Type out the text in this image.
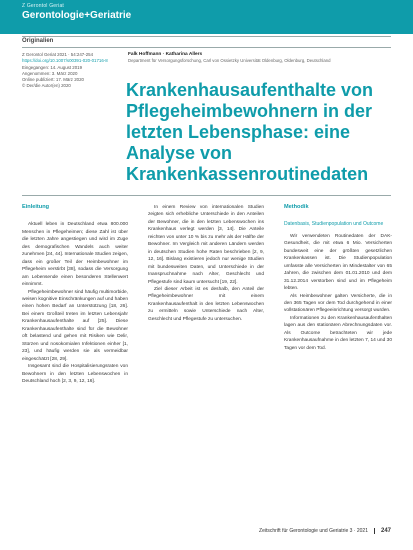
Z Gerontol Geriat
Gerontologie+Geriatrie
Originalien
Z Gerontol Geriat 2021 · 54:247-254
https://doi.org/10.1007/s00391-020-01716-8
Eingegangen: 14. August 2019
Angenommen: 3. März 2020
Online publiziert: 17. März 2020
© Der/die Autor(en) 2020
Falk Hoffmann · Katharina Allers
Department für Versorgungsforschung, Carl von Ossietzky Universität Oldenburg, Oldenburg, Deutschland
Krankenhausaufenthalte von Pflegeheimbewohnern in der letzten Lebensphase: eine Analyse von Krankenkassenroutinedaten
Einleitung

Aktuell leben in Deutschland etwa 800.000 Menschen in Pflegeheimen; diese Zahl ist über die letzten Jahre angestiegen und wird im Zuge des demografischen Wandels auch weiter zunehmen [24, 44]. Internationale Studien zeigen, dass ein großer Teil der Heimbewohner im Pflegeheim verstirbt [38], sodass die Versorgung am Lebensende einen besonderen Stellenwert einnimmt.

Pflegeheimbewohner sind häufig multimorbide, weisen kognitive Einschränkungen auf und haben einen hohen Bedarf an Unterstützung [18, 26]. Bei einem Großteil treten im letzten Lebensjahr Krankenhausaufenthalte auf [25]. Diese Krankenhausaufenthalte sind für die Bewohner oft belastend und gehen mit Risiken wie Delir, Stürzen und nosokomialen Infektionen einher [1, 23], und häufig werden sie als vermeidbar eingeschätzt [28, 29].

Insgesamt sind die Hospitalisierungsraten von Bewohnern in den letzten Lebenswochen in Deutschland hoch [2, 3, 9, 12, 16].

In einem Review von internationalen Studien zeigten sich erhebliche Unterschiede in den Anteilen der Bewohner, die in den letzten Lebenswochen ins Krankenhaus verlegt werden [3, 14]. Die Anteile reichten von unter 10 % bis zu mehr als der Hälfte der Bewohner. Im Vergleich mit anderen Ländern werden in deutschen Studien hohe Raten beschrieben [2, 9, 12, 16]. Bislang existieren jedoch nur wenige Studien mit bundesweiten Daten, und Unterschiede in der Inanspruchnahme nach Alter, Geschlecht und Pflegestufe sind kaum untersucht [19, 22].

Ziel dieser Arbeit ist es deshalb, den Anteil der Pflegeheimbewohner mit einem Krankenhausaufenthalt in den letzten Lebenswochen zu ermitteln sowie Unterschiede nach Alter, Geschlecht und Pflegestufe zu untersuchen.

Methodik
Datenbasis, Studienpopulation und Outcome

Wir verwendeten Routinedaten der DAK-Gesundheit, die mit etwa 6 Mio. Versicherten bundesweit eine der größten gesetzlichen Krankenkassen ist. Die Studienpopulation umfasste alle Versicherten im Mindestalter von 65 Jahren, die zwischen dem 01.01.2010 und dem 31.12.2014 verstorben sind und im Pflegeheim lebten.

Als Heimbewohner galten Versicherte, die in den 365 Tagen vor dem Tod durchgehend in einer vollstationären Pflegeeinrichtung versorgt wurden.

Informationen zu den Krankenhausaufenthalten lagen aus den stationären Abrechnungsdaten vor. Als Outcome betrachteten wir jede Krankenhausaufnahme in den letzten 7, 14 und 30 Tagen vor dem Tod.

Zeitschrift für Gerontologie und Geriatrie 3 · 2021 247
